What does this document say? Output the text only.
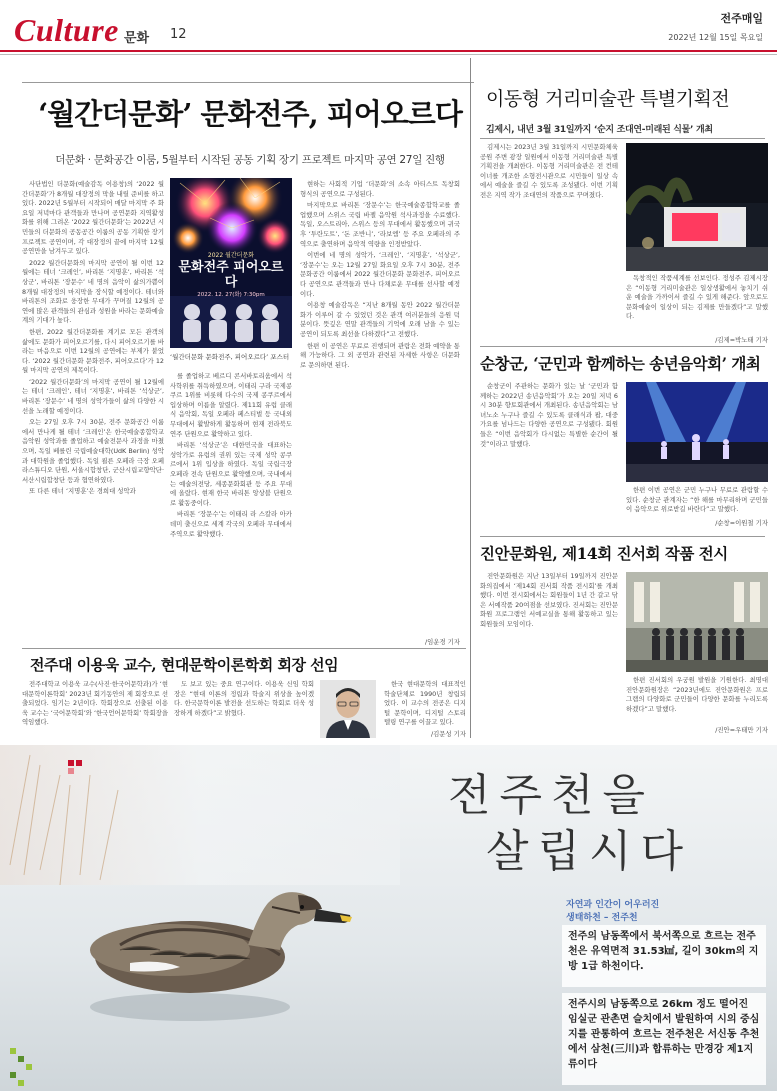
Culture 문화 12
전주매일
2022년 12월 15일 목요일
‘월간더문화’ 문화전주, 피어오르다
더문화 · 문화공간 이룸, 5월부터 시작된 공동 기획 장기 프로젝트 마지막 공연 27일 진행

사단법인 더문화(예술감독 이용창)의 ‘2022 월간더문화’가 8개월 대장정의 막을 내릴 준비를 하고 있다. 2022년 5월부터 시작되어 매달 마지막 주 화요일 저녁마다 관객들과 만나며 공연문화 지역활성화를 위해 그려온 ‘2022 월간더문화’는 2022년 시민들의 더문화의 공동공간 이룸의 공동 기획한 장기 프로젝트 공연이며, 각 대장정의 끝에 마지막 12월 공연만을 남겨두고 있다.

2022 월간더문화의 마지막 공연이 될 이번 12월에는 테너 ‘크레인’, 바리톤 ‘지명훈’, 바리톤 ‘석상군’, 바리톤 ‘장문수’ 네 명의 음악이 삶의가쁨이 8개월 대장정의 마지막을 장식할 예정이다. 테너와 바리톤의 조화로 웅장한 무대가 꾸며질 12월의 공연에 많은 관객들의 관심과 성원을 바라는 문화예술계의 기대가 높다.

한편, 2022 월간더문화를 계기로 모든 관객의 삶에도 문화가 피어오르기를, 다시 피어오르기를 바라는 마음으로 이번 12월의 공연에는 부제가 붙었다. ‘2022 월간더문화 문화전주, 피어오르다’가 12월 마지막 공연의 제목이다.

‘2022 월간더문화’의 마지막 공연이 될 12월에는 테너 ‘크레인’, 테너 ‘지명훈’, 바리톤 ‘석상군’, 바리톤 ‘장문수’ 네 명의 성악가들이 삶의 다양한 시선을 노래할 예정이다.

오는 27일 오후 7시 30분, 전주 문화공간 이룸에서 만나게 될 테너 ‘크레인’은 한국예술종합학교 음악원 성악과를 졸업하고 예술전문사 과정을 마쳤으며, 독일 베를린 국립예술대학(UdK Berlin) 성악과 대학원을 졸업했다. 독일 쾰른 오페라 극장 오페라스튜디오 단원, 서울시합창단, 군산시립교향악단·서산시립합창단 등과 협연하였다.

또 다른 테너 ‘지명훈’은 경희대 성악과

2022 월간더문화
문화전주 피어오르다
2022. 12. 27(화) 7:30pm
‘월간더문화 문화전주, 피어오르다’ 포스터

를 졸업하고 베르디 콘서바토리움에서 석사학위를 취득하였으며, 이태리 구라 국제콩쿠르 1위를 비롯해 다수의 국제 콩쿠르에서 입상하며 이름을 알렸다. 제11회 유럽 클래식 음악회, 독일 오페라 페스티벌 등 국내외 무대에서 활발하게 활동하며 현재 전라북도 연주 단원으로 활약하고 있다.

바리톤 ‘석상군’은 대한민국을 대표하는 성악가로 유럽의 권위 있는 국제 성악 콩쿠르에서 1위 입상을 하였다. 독일 국립극장 오페라 전속 단원으로 활약했으며, 국내에서는 예술의전당, 세종문화회관 등 주요 무대에 올랐다. 현재 한국 바리톤 앙상블 단원으로 활동중이다.

바리톤 ‘장문수’는 이태리 라 스칼라 아카데미 출신으로 세계 각국의 오페라 무대에서 주역으로 활약했다.

현하는 사회적 기업 ‘더문화’의 소속 아티스트 독창회 형식의 공연으로 구성된다.

마지막으로 바리톤 ‘장문수’는 한국예술종합학교를 졸업했으며 스위스 국립 바젤 음악원 석사과정을 수료했다. 독일, 오스트리아, 스위스 등의 무대에서 활동했으며 귀국 후 ‘투란도트’, ‘돈 조반니’, ‘라보엠’ 등 주요 오페라의 주역으로 출연하며 음악적 역량을 인정받았다.

이번에 네 명의 성악가, ‘크레인’, ‘지명훈’, ‘석상군’, ‘장문수’는 오는 12월 27일 화요일 오후 7시 30분, 전주 문화공간 이룸에서 2022 월간더문화 문화전주, 피어오르다 공연으로 관객들과 만나 다채로운 무대를 선사할 예정이다.

이용창 예술감독은 “지난 8개월 동안 2022 월간더문화가 이루어 갈 수 있었던 것은 관객 여러분들의 응원 덕분이다. 뜻깊은 연말 관객들의 기억에 오래 남을 수 있는 공연이 되도록 최선을 다하겠다”고 전했다.

한편 이 공연은 무료로 진행되며 관람은 전화 예약을 통해 가능하다. 그 외 공연과 관련된 자세한 사항은 더문화로 문의하면 된다.

/임운경 기자
전주대 이용욱 교수, 현대문학이론학회 회장 선임

전주대학교 이용욱 교수(사진·한국어문학과)가 ‘현대문학이론학회’ 2023년 회기동안의 제 회장으로 선출되었다. 임기는 2년이다. 학회장으로 선출된 이용욱 교수는 ‘국어문학회’와 ‘한국언어문학회’ 학회장을 역임했다.

도 보고 있는 중요 연구이다. 이용욱 신임 학회장은 “현대 이론의 정립과 학술지 위상을 높이겠다. 한국문학이론 발전을 선도하는 학회로 더욱 성장하게 하겠다”고 밝혔다.

한국 현대문학의 대표적인 학술단체로 1990년 창립되었다. 이 교수의 전공은 디지털 문학이며, 디지털 스토리텔링 연구를 이끌고 있다.

/김문성 기자
이동형 거리미술관 특별기획전
김제시, 내년 3월 31일까지 ‘순지 조대연-미래된 식물’ 개최

김제시는 2023년 3월 31일까지 시민문화체육공원 주변 광장 일원에서 이동형 거리미술관 특별기획전을 개최한다. 이동형 거리미술관은 전 컨테이너를 개조한 소형전시관으로 시민들이 일상 속에서 예술을 즐길 수 있도록 조성됐다. 이번 기획전은 지역 작가 조대연의 작품으로 꾸며졌다.

독창적인 작품세계를 선보인다. 정성주 김제시장은 “이동형 거리미술관은 일상생활에서 놓치기 쉬운 예술을 가까이서 즐길 수 있게 해준다. 앞으로도 문화예술이 일상이 되는 김제를 만들겠다”고 말했다.

/김제=박노태 기자
순창군, ‘군민과 함께하는 송년음악회’ 개최

순창군이 주관하는 문화가 있는 날 ‘군민과 함께하는 2022년 송년음악회’가 오는 20일 저녁 6시 30분 향토회관에서 개최된다. 송년음악회는 남녀노소 누구나 즐길 수 있도록 클래식과 팝, 대중가요를 넘나드는 다양한 공연으로 구성됐다. 회원들은 “이번 음악회가 다시없는 특별한 순간이 될 것”이라고 말했다.

한편 이번 공연은 군민 누구나 무료로 관람할 수 있다. 순창군 관계자는 “한 해를 마무리하며 군민들이 음악으로 위로받길 바란다”고 말했다.

/순창=이원철 기자
진안문화원, 제14회 진서회 작품 전시

진안문화원은 지난 13일부터 19일까지 진안문화의집에서 ‘제14회 진서회 작품 전시회’를 개최했다. 이번 전시회에서는 회원들이 1년 간 갈고 닦은 서예작품 20여점을 선보였다. 진서회는 진안문화원 프로그램인 서예교실을 통해 활동하고 있는 회원들의 모임이다.

한편 진서회의 우궁원 발원을 기원한다. 최명대 진안문화원장은 “2023년에도 진안문화원은 프로그램의 다양화로 군민들이 다양한 문화를 누리도록 하겠다”고 말했다.

/진안=우태만 기자
전주천을
살립시다
자연과 인간이 어우러진
생태하천 – 전주천
전주의 남동쪽에서 북서쪽으로 흐르는 전주천은 유역면적 31.53㎢, 길이 30km의 지방 1급 하천이다.
전주시의 남동쪽으로 26km 정도 떨어진 임실군 관촌면 슬치에서 발원하여 시의 중심지를 관통하여 흐르는 전주천은 서신동 추천에서 삼천(三川)과 합류하는 만경강 제1지류이다
